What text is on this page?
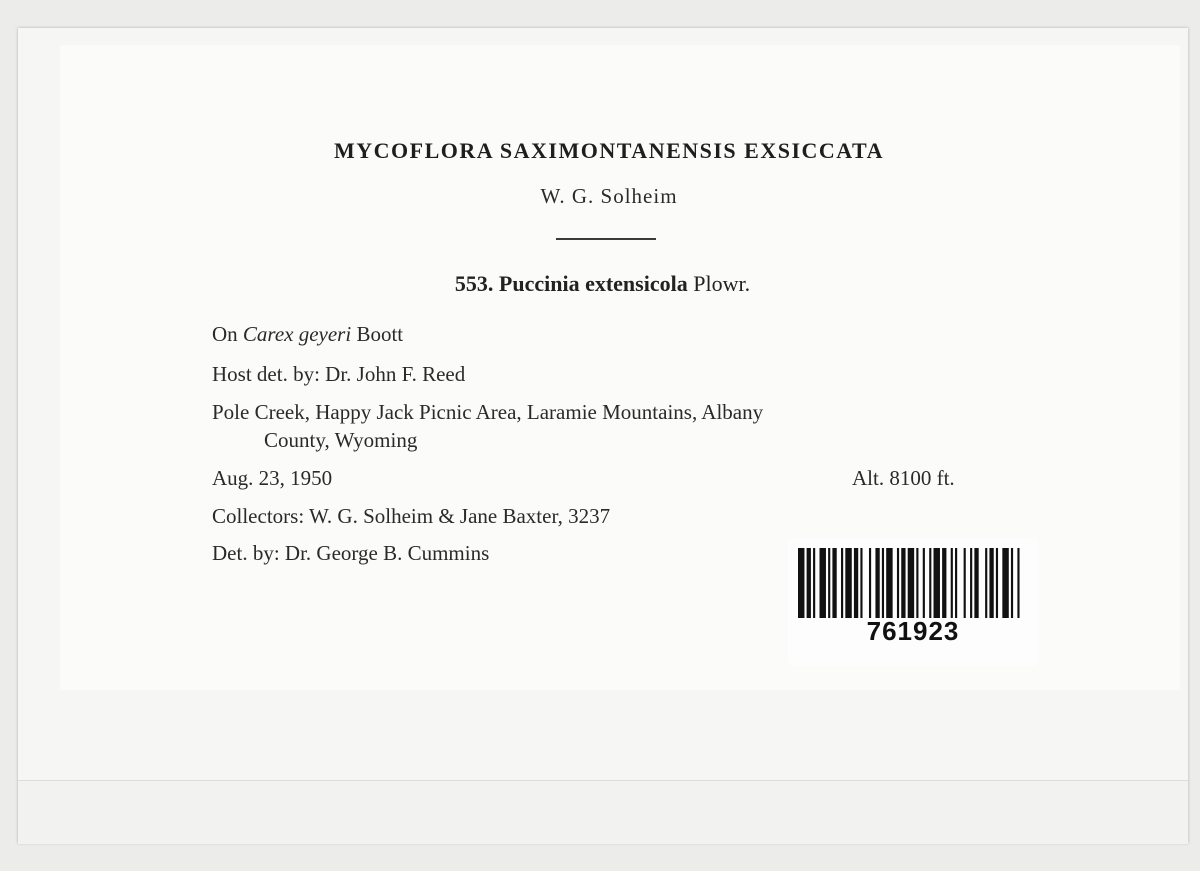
MYCOFLORA SAXIMONTANENSIS EXSICCATA
W. G. Solheim
553. Puccinia extensicola Plowr.
On Carex geyeri Boott
Host det. by: Dr. John F. Reed
Pole Creek, Happy Jack Picnic Area, Laramie Mountains, Albany
County, Wyoming
Aug. 23, 1950	Alt. 8100 ft.
Collectors: W. G. Solheim & Jane Baxter, 3237
Det. by: Dr. George B. Cummins
761923
